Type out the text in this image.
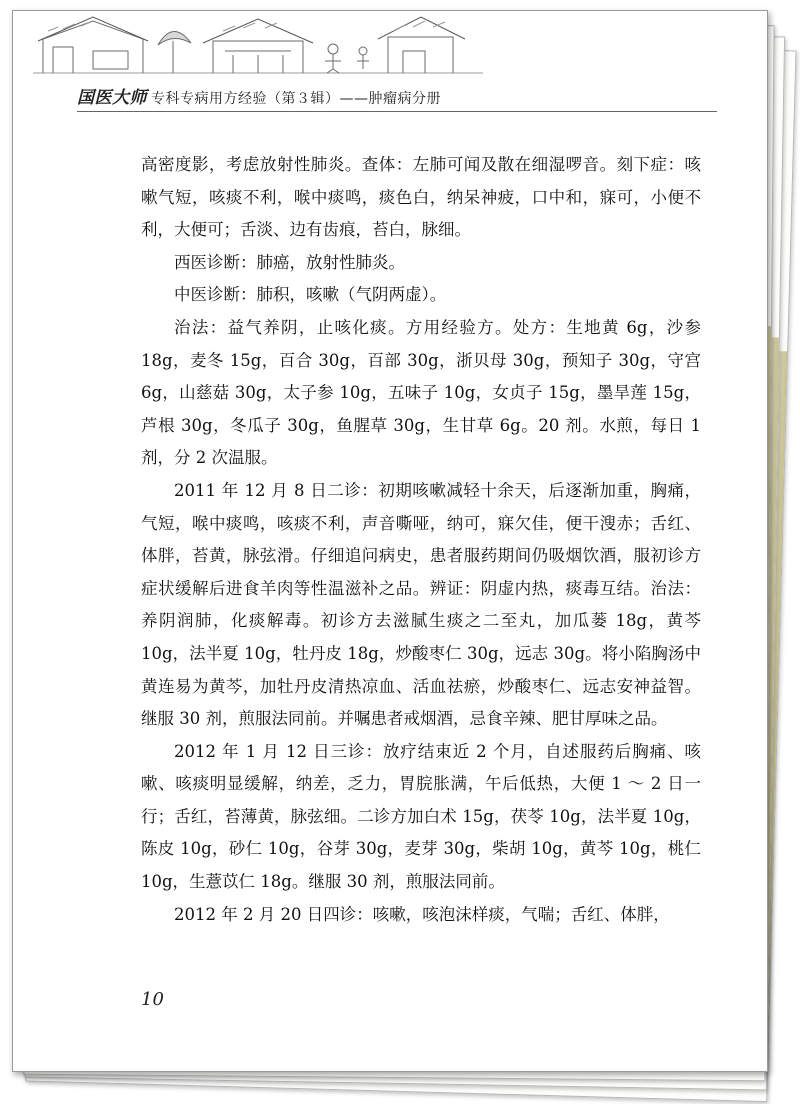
国医大师 专科专病用方经验（第３辑）——肿瘤病分册

高密度影，考虑放射性肺炎。查体：左肺可闻及散在细湿啰音。刻下症：咳嗽气短，咳痰不利，喉中痰鸣，痰色白，纳呆神疲，口中和，寐可，小便不利，大便可；舌淡、边有齿痕，苔白，脉细。

西医诊断：肺癌，放射性肺炎。

中医诊断：肺积，咳嗽（气阴两虚）。

治法：益气养阴，止咳化痰。方用经验方。处方：生地黄 6g，沙参 18g，麦冬 15g，百合 30g，百部 30g，浙贝母 30g，预知子 30g，守宫 6g，山慈菇 30g，太子参 10g，五味子 10g，女贞子 15g，墨旱莲 15g，芦根 30g，冬瓜子 30g，鱼腥草 30g，生甘草 6g。20 剂。水煎，每日 1 剂，分 2 次温服。

2011 年 12 月 8 日二诊：初期咳嗽减轻十余天，后逐渐加重，胸痛，气短，喉中痰鸣，咳痰不利，声音嘶哑，纳可，寐欠佳，便干溲赤；舌红、体胖，苔黄，脉弦滑。仔细追问病史，患者服药期间仍吸烟饮酒，服初诊方症状缓解后进食羊肉等性温滋补之品。辨证：阴虚内热，痰毒互结。治法：养阴润肺，化痰解毒。初诊方去滋腻生痰之二至丸，加瓜蒌 18g，黄芩 10g，法半夏 10g，牡丹皮 18g，炒酸枣仁 30g，远志 30g。将小陷胸汤中黄连易为黄芩，加牡丹皮清热凉血、活血祛瘀，炒酸枣仁、远志安神益智。继服 30 剂，煎服法同前。并嘱患者戒烟酒，忌食辛辣、肥甘厚味之品。

2012 年 1 月 12 日三诊：放疗结束近 2 个月，自述服药后胸痛、咳嗽、咳痰明显缓解，纳差，乏力，胃脘胀满，午后低热，大便 1 ～ 2 日一行；舌红，苔薄黄，脉弦细。二诊方加白术 15g，茯苓 10g，法半夏 10g，陈皮 10g，砂仁 10g，谷芽 30g，麦芽 30g，柴胡 10g，黄芩 10g，桃仁 10g，生薏苡仁 18g。继服 30 剂，煎服法同前。

2012 年 2 月 20 日四诊：咳嗽，咳泡沫样痰，气喘；舌红、体胖，

10
